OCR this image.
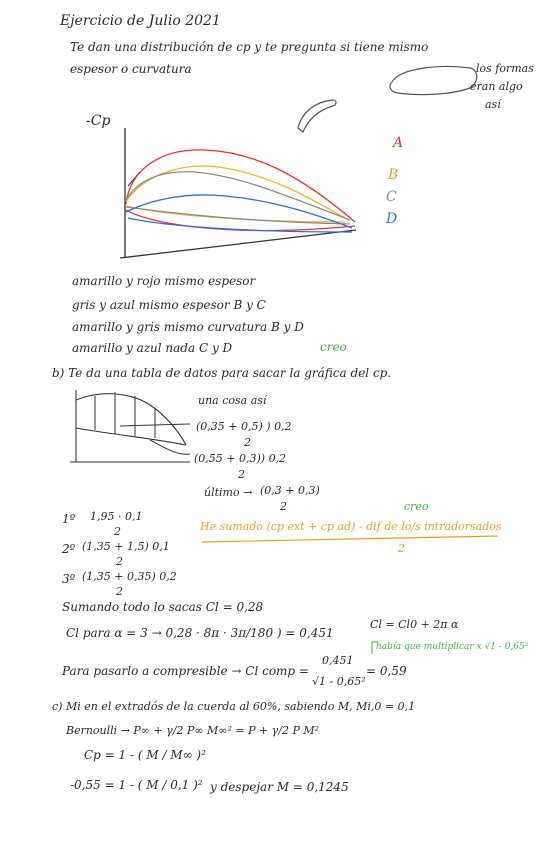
Ejercicio de Julio 2021
Te dan una distribución de cp y te pregunta si tiene mismo
espesor o curvatura	los formas
eran algo
así
-Cp
A
B
C
D
amarillo y rojo mismo espesor
gris y azul mismo espesor B y C
amarillo y gris mismo curvatura B y D
amarillo y azul nada C y D	creo
b) Te da una tabla de datos para sacar la gráfica del cp.
una cosa así
(0,35 + 0,5) ) 0,2
2
(0,55 + 0,3)) 0,2
2
último → (0,3 + 0,3)
2
1º 1,95 · 0,1
2
2º (1,35 + 1,5) 0,1
2
3º (1,35 + 0,35) 0,2
2
creo
He sumado (cp ext + cp ad) - dif de lo/s intradorsados
2
Sumando todo lo sacas Cl = 0,28
Cl para α = 3 → 0,28 · 8π · 3π/180 ) = 0,451
Cl = Cl0 + 2π α
Para pasarlo a compresible → Cl comp =
0,451
√1 - 0,65²
= 0,59
había que multiplicar x √1 - 0,65²
c) Mi en el extradós de la cuerda al 60%, sabiendo M, Mi,0 = 0,1
Bernoulli → P∞ + γ/2 P∞ M∞² = P + γ/2 P M²
Cp = 1 - ( M / M∞ )²
-0,55 = 1 - ( M / 0,1 )² y despejar M = 0,1245
